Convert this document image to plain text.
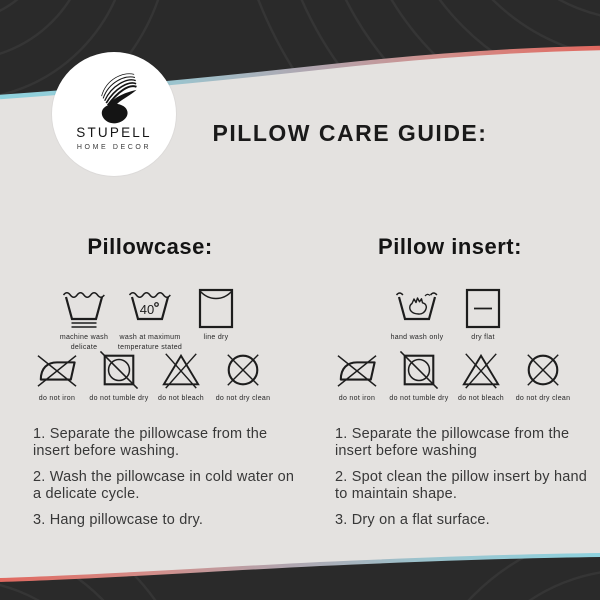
STUPELL
HOME DECOR
PILLOW CARE GUIDE:
Pillowcase:
machine wash delicate
40
wash at maximum temperature stated
line dry
do not iron do not tumble dry do not bleach do not dry clean

1. Separate the pillowcase from the insert before washing.

2. Wash the pillowcase in cold water on a delicate cycle.

3. Hang pillowcase to dry.

Pillow insert:
hand wash only	dry flat
do not iron do not tumble dry do not bleach do not dry clean

1. Separate the pillowcase from the insert before washing

2. Spot clean the pillow insert by hand to maintain shape.

3. Dry on a flat surface.
